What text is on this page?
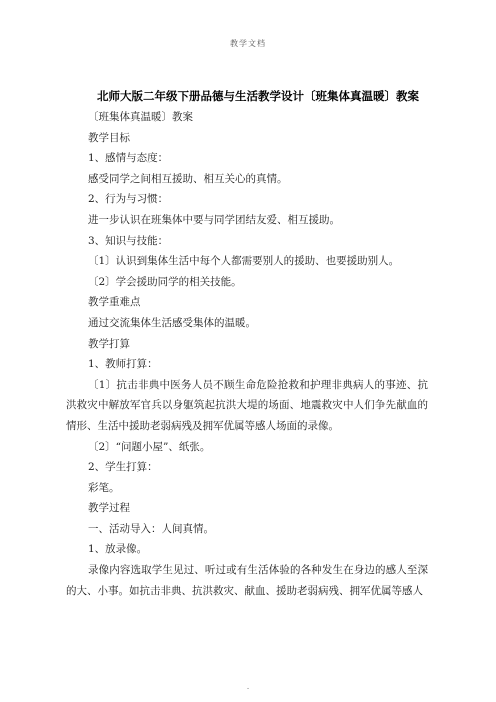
教学文档
北师大版二年级下册品德与生活教学设计〔班集体真温暖〕教案

〔班集体真温暖〕教案

教学目标

1、感情与态度：

感受同学之间相互援助、相互关心的真情。

2、行为与习惯：

进一步认识在班集体中要与同学团结友爱、相互援助。

3、知识与技能：

〔1〕认识到集体生活中每个人都需要别人的援助、也要援助别人。

〔2〕学会援助同学的相关技能。

教学重难点

通过交流集体生活感受集体的温暖。

教学打算

1、教师打算：

〔1〕抗击非典中医务人员不顾生命危险抢救和护理非典病人的事迹、抗洪救灾中解放军官兵以身躯筑起抗洪大堤的场面、地震救灾中人们争先献血的情形、生活中援助老弱病残及拥军优属等感人场面的录像。

〔2〕“问题小屋”、纸张。

2、学生打算：

彩笔。

教学过程

一、活动导入：人间真情。

1、放录像。

录像内容选取学生见过、听过或有生活体验的各种发生在身边的感人至深的大、小事。如抗击非典、抗洪救灾、献血、援助老弱病残、拥军优属等感人

.
